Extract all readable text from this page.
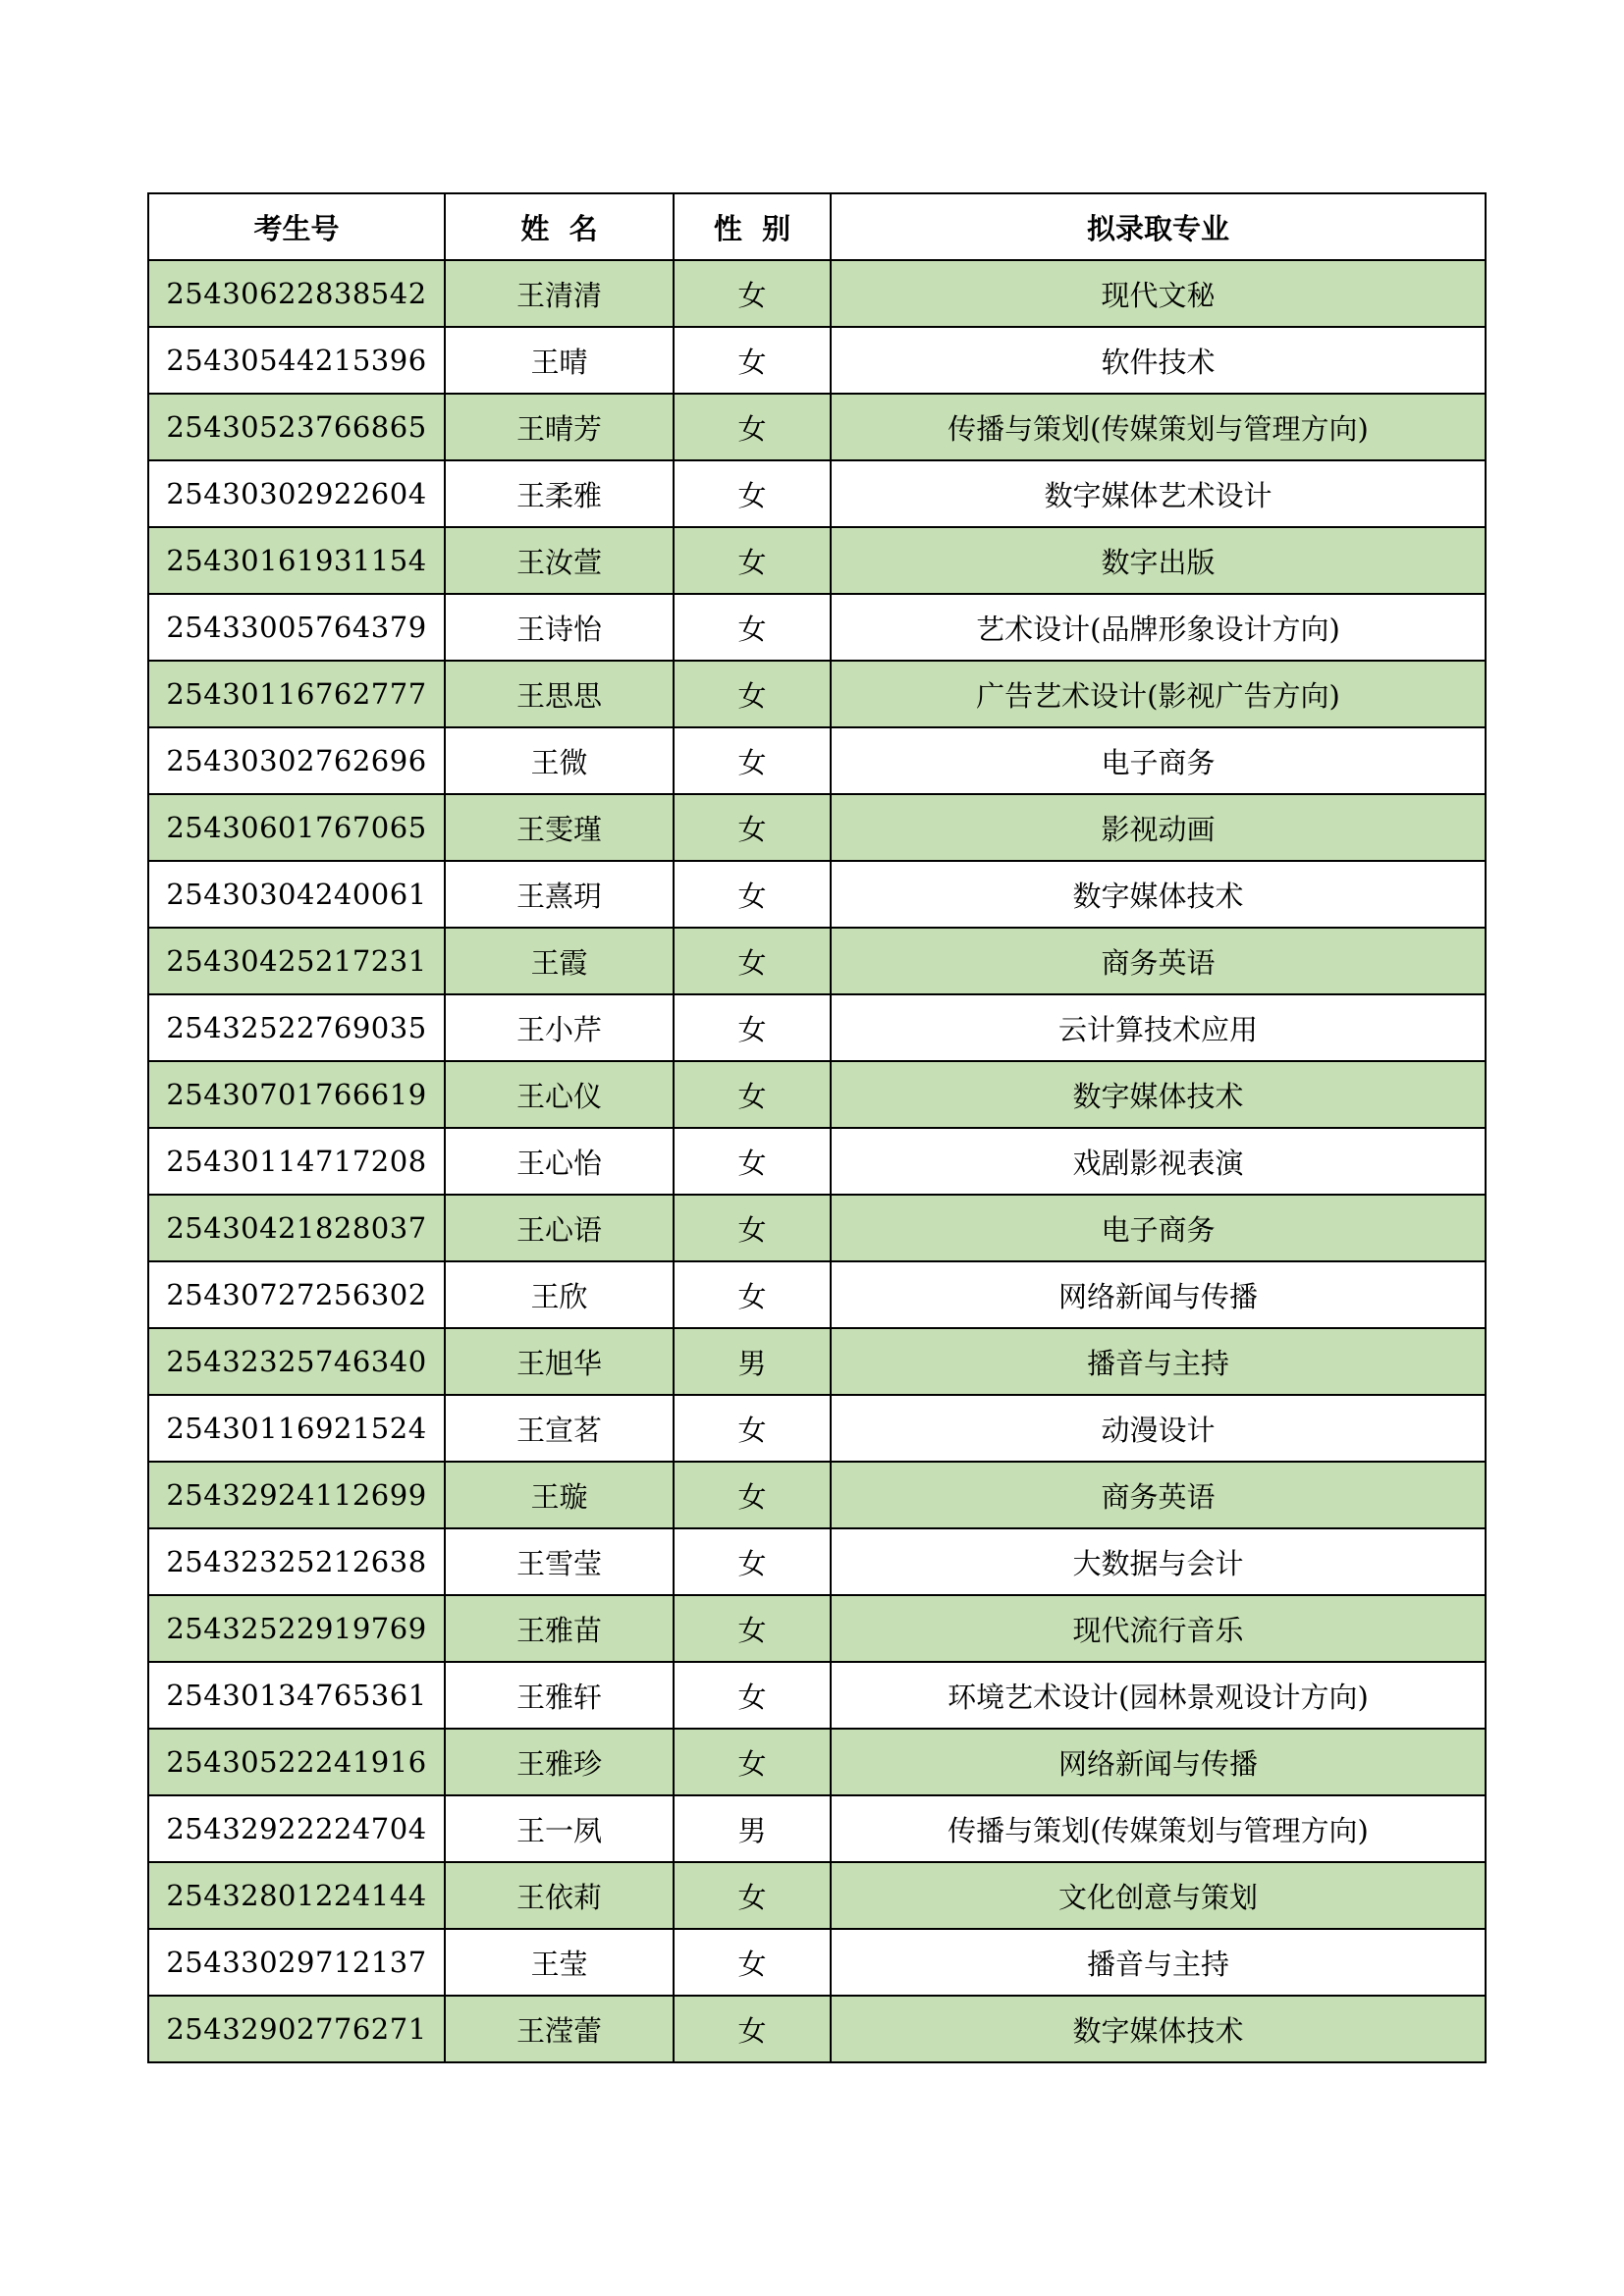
考生号	姓  名	性  别	拟录取专业
25430622838542	王清清	女	现代文秘
25430544215396	王晴	女	软件技术
25430523766865	王晴芳	女	传播与策划(传媒策划与管理方向)
25430302922604	王柔雅	女	数字媒体艺术设计
25430161931154	王汝萱	女	数字出版
25433005764379	王诗怡	女	艺术设计(品牌形象设计方向)
25430116762777	王思思	女	广告艺术设计(影视广告方向)
25430302762696	王微	女	电子商务
25430601767065	王雯瑾	女	影视动画
25430304240061	王熹玥	女	数字媒体技术
25430425217231	王霞	女	商务英语
25432522769035	王小芹	女	云计算技术应用
25430701766619	王心仪	女	数字媒体技术
25430114717208	王心怡	女	戏剧影视表演
25430421828037	王心语	女	电子商务
25430727256302	王欣	女	网络新闻与传播
25432325746340	王旭华	男	播音与主持
25430116921524	王宣茗	女	动漫设计
25432924112699	王璇	女	商务英语
25432325212638	王雪莹	女	大数据与会计
25432522919769	王雅苗	女	现代流行音乐
25430134765361	王雅轩	女	环境艺术设计(园林景观设计方向)
25430522241916	王雅珍	女	网络新闻与传播
25432922224704	王一夙	男	传播与策划(传媒策划与管理方向)
25432801224144	王依莉	女	文化创意与策划
25433029712137	王莹	女	播音与主持
25432902776271	王滢蕾	女	数字媒体技术
